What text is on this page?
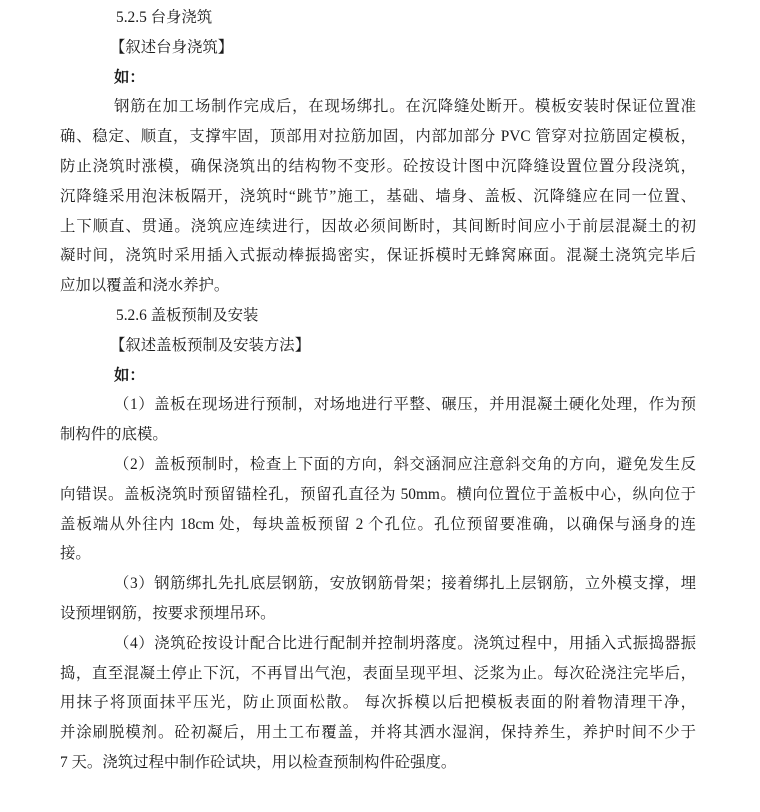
5.2.5 台身浇筑
【叙述台身浇筑】
如：
钢筋在加工场制作完成后，在现场绑扎。在沉降缝处断开。模板安装时保证位置准
确、稳定、顺直，支撑牢固，顶部用对拉筋加固，内部加部分 PVC 管穿对拉筋固定模板，
防止浇筑时涨模，确保浇筑出的结构物不变形。砼按设计图中沉降缝设置位置分段浇筑，
沉降缝采用泡沫板隔开，浇筑时“跳节”施工，基础、墙身、盖板、沉降缝应在同一位置、
上下顺直、贯通。浇筑应连续进行，因故必须间断时，其间断时间应小于前层混凝土的初
凝时间，浇筑时采用插入式振动棒振捣密实，保证拆模时无蜂窝麻面。混凝土浇筑完毕后
应加以覆盖和浇水养护。
5.2.6 盖板预制及安装
【叙述盖板预制及安装方法】
如：
（1）盖板在现场进行预制，对场地进行平整、碾压，并用混凝土硬化处理，作为预
制构件的底模。
（2）盖板预制时，检查上下面的方向，斜交涵洞应注意斜交角的方向，避免发生反
向错误。盖板浇筑时预留锚栓孔，预留孔直径为 50mm。横向位置位于盖板中心，纵向位于
盖板端从外往内 18cm 处，每块盖板预留 2 个孔位。孔位预留要准确，以确保与涵身的连
接。
（3）钢筋绑扎先扎底层钢筋，安放钢筋骨架；接着绑扎上层钢筋，立外模支撑，埋
设预埋钢筋，按要求预埋吊环。
（4）浇筑砼按设计配合比进行配制并控制坍落度。浇筑过程中，用插入式振捣器振
捣，直至混凝土停止下沉，不再冒出气泡，表面呈现平坦、泛浆为止。每次砼浇注完毕后，
用抹子将顶面抹平压光，防止顶面松散。 每次拆模以后把模板表面的附着物清理干净，
并涂刷脱模剂。砼初凝后，用土工布覆盖，并将其洒水湿润，保持养生，养护时间不少于
7 天。浇筑过程中制作砼试块，用以检查预制构件砼强度。
